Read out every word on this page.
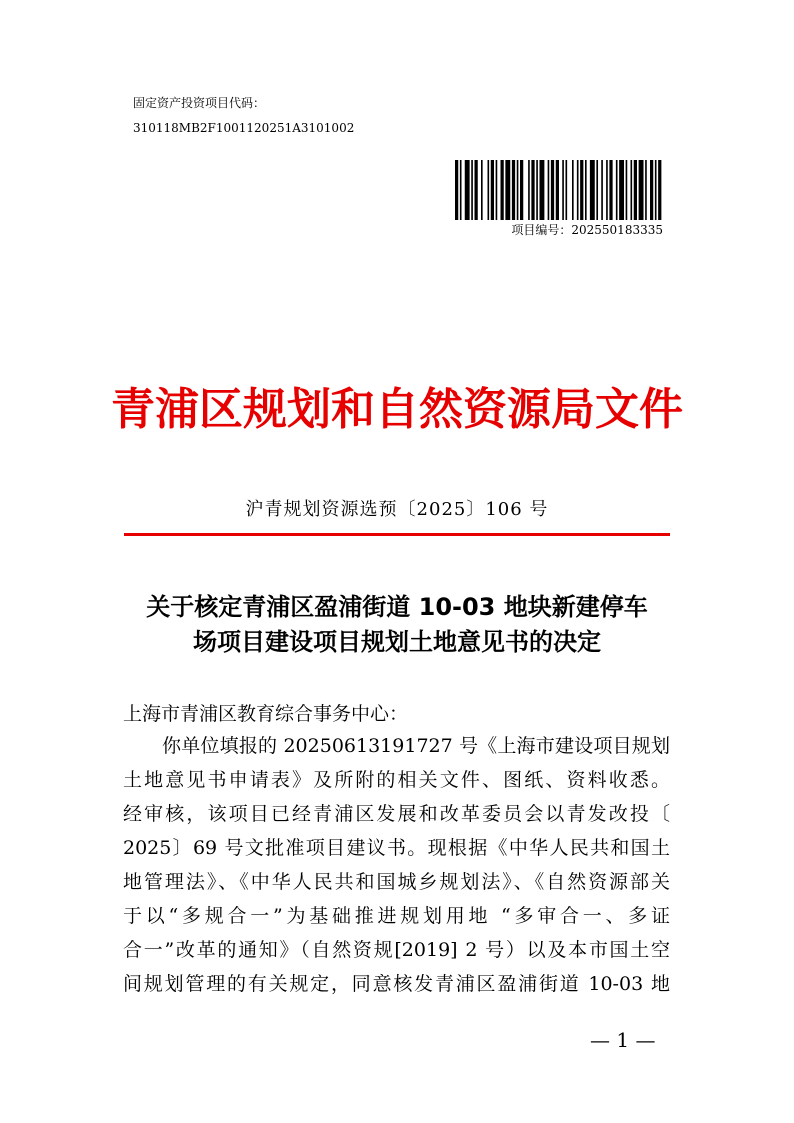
固定资产投资项目代码：
310118MB2F1001120251A3101002
项目编号：202550183335
青浦区规划和自然资源局文件
沪青规划资源选预〔2025〕106 号
关于核定青浦区盈浦街道 10-03 地块新建停车
场项目建设项目规划土地意见书的决定
上海市青浦区教育综合事务中心：
你单位填报的 20250613191727 号《上海市建设项目规划
土地意见书申请表》及所附的相关文件、图纸、资料收悉。
经审核，该项目已经青浦区发展和改革委员会以青发改投〔
2025〕69 号文批准项目建议书。现根据《中华人民共和国土
地管理法》、《中华人民共和国城乡规划法》、《自然资源部关
于以“多规合一”为基础推进规划用地 “多审合一、多证
合一”改革的通知》（自然资规[2019] 2 号）以及本市国土空
间规划管理的有关规定，同意核发青浦区盈浦街道 10-03 地
— 1 —
